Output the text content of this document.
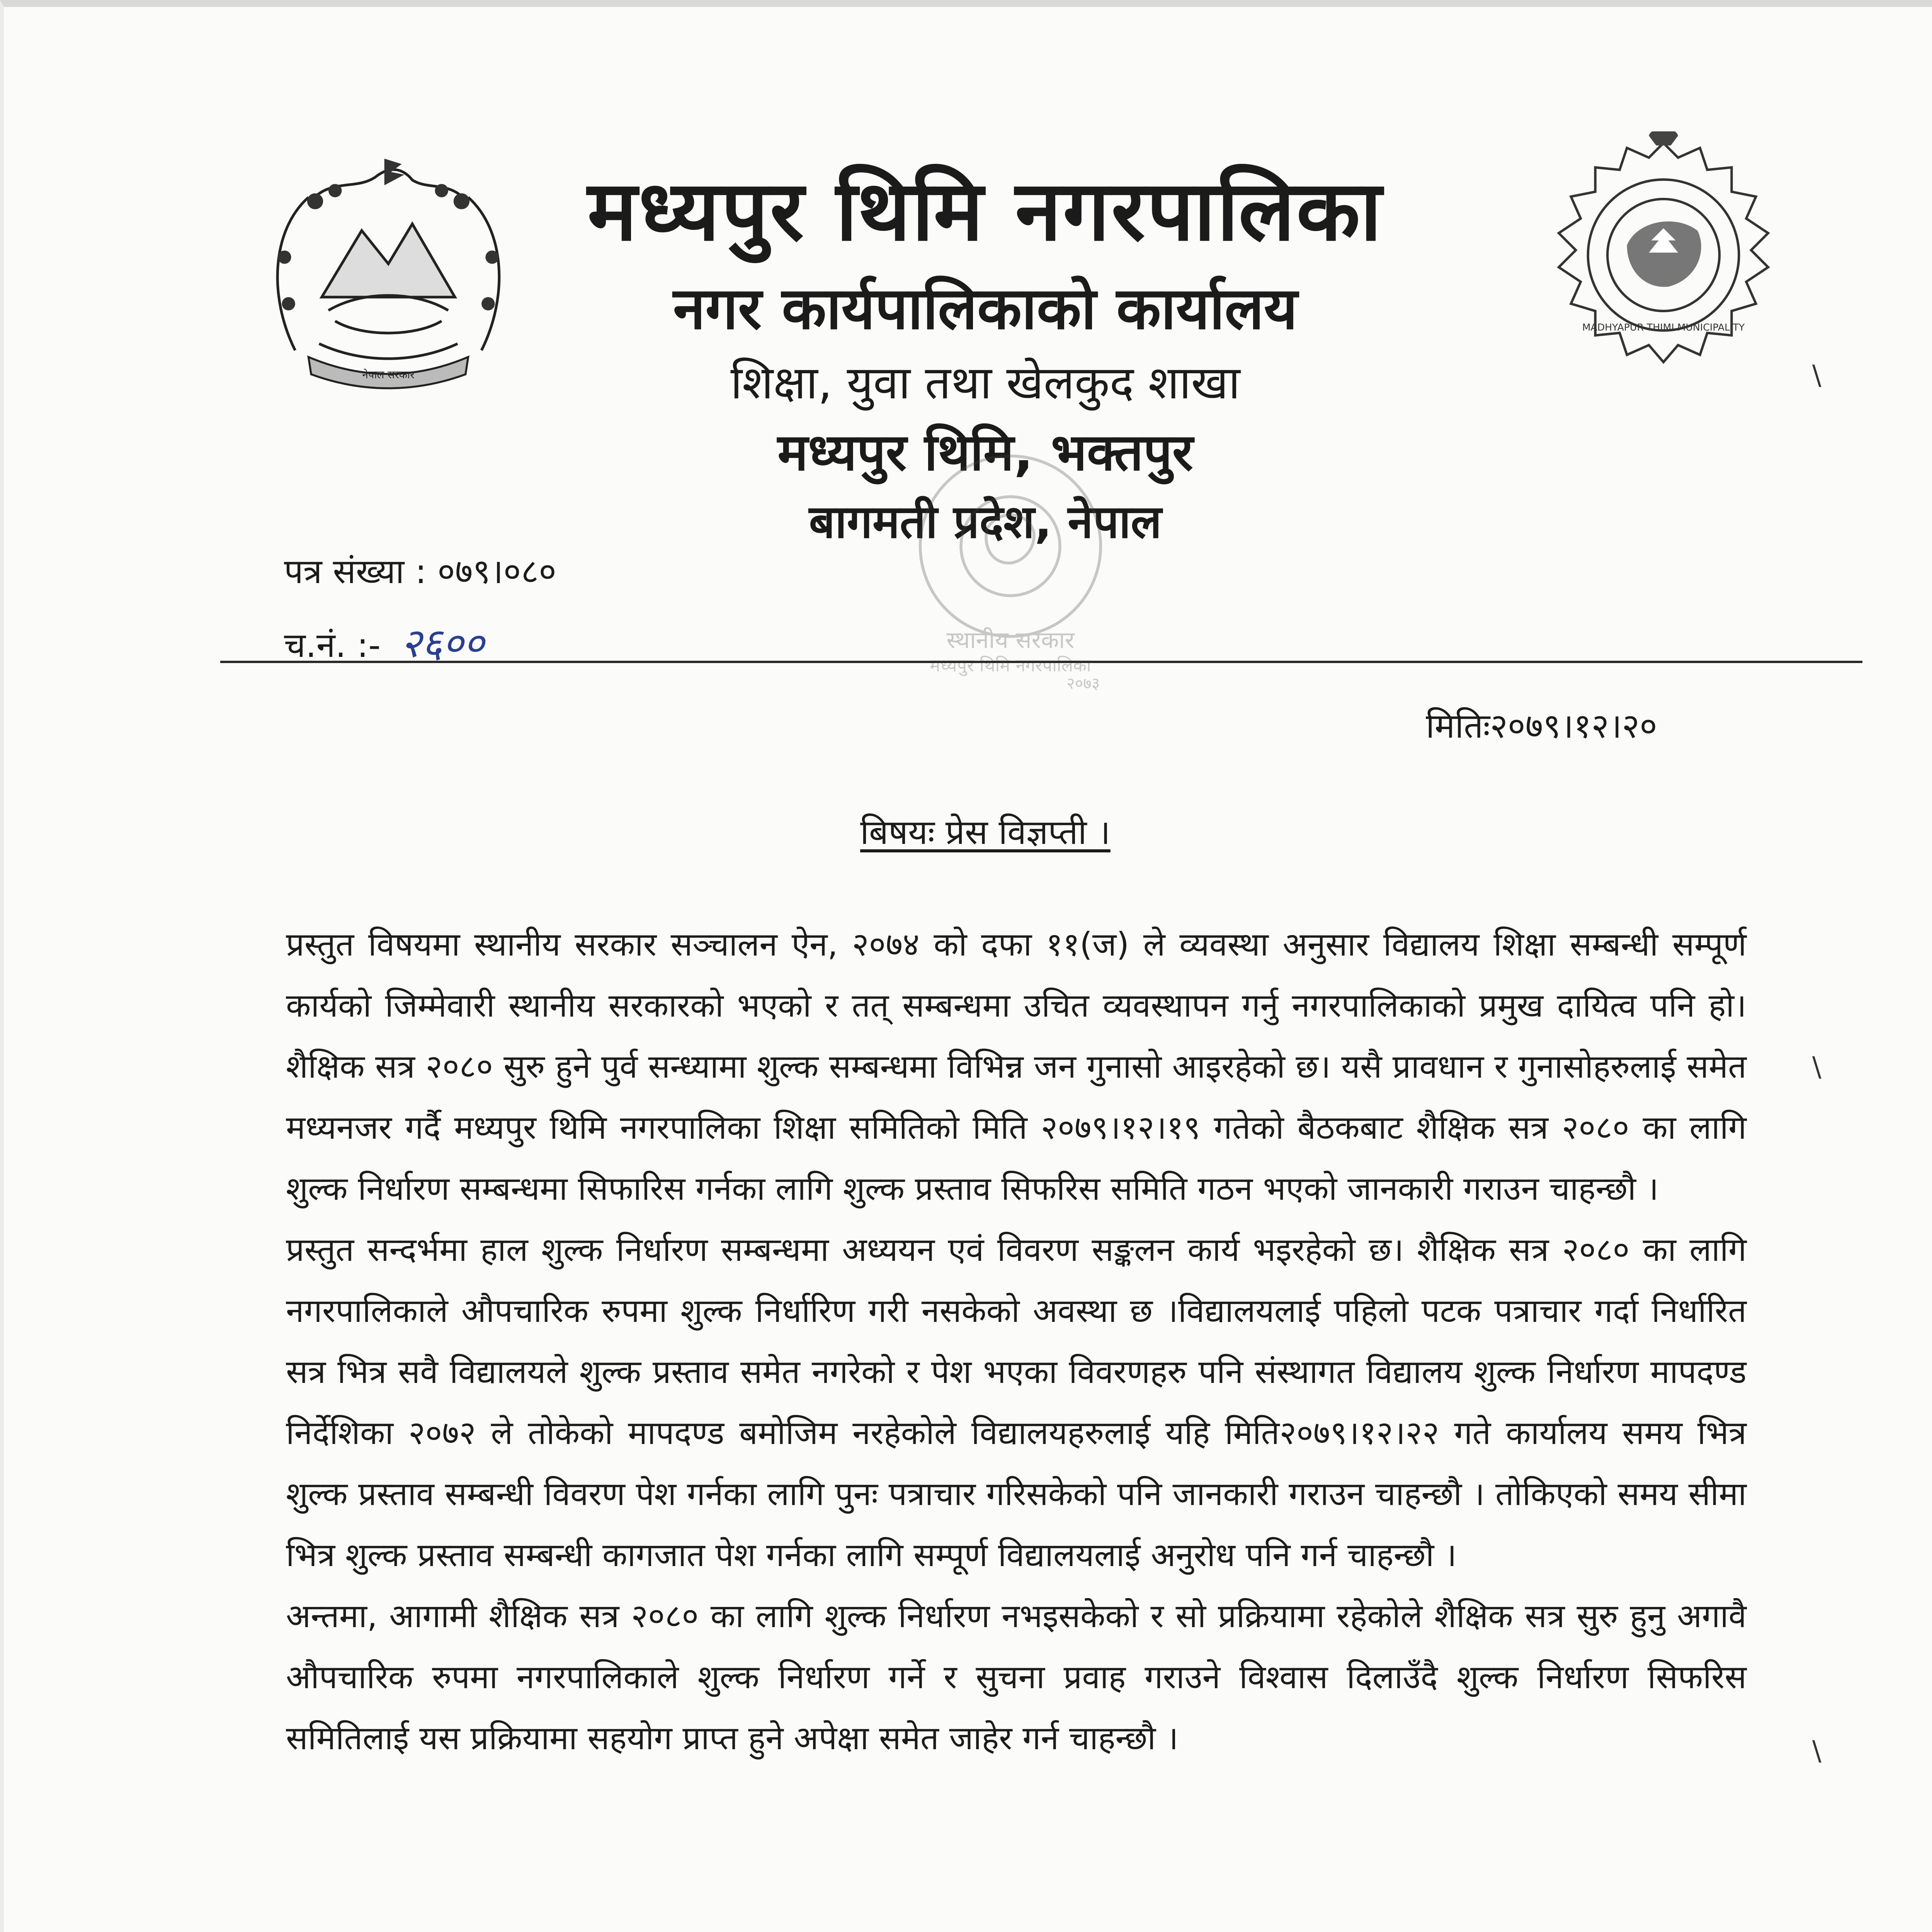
नेपाल सरकार
MADHYAPUR THIMI MUNICIPALITY
मध्यपुर थिमि नगरपालिका
नगर कार्यपालिकाको कार्यालय
शिक्षा, युवा तथा खेलकुद शाखा
मध्यपुर थिमि, भक्तपुर
बागमती प्रदेश, नेपाल
स्थानीय सरकार
मध्यपुर थिमि नगरपालिका
२०७३
पत्र संख्या : ०७९।०८०
च.नं. :- २६००
मितिः२०७९।१२।२०
बिषयः प्रेस विज्ञप्ती ।

प्रस्तुत विषयमा स्थानीय सरकार सञ्चालन ऐन, २०७४ को दफा ११(ज) ले व्यवस्था अनुसार विद्यालय शिक्षा सम्बन्धी सम्पूर्ण कार्यको जिम्मेवारी स्थानीय सरकारको भएको र तत् सम्बन्धमा उचित व्यवस्थापन गर्नु नगरपालिकाको प्रमुख दायित्व पनि हो। शैक्षिक सत्र २०८० सुरु हुने पुर्व सन्ध्यामा शुल्क सम्बन्धमा विभिन्न जन गुनासो आइरहेको छ। यसै प्रावधान र गुनासोहरुलाई समेत मध्यनजर गर्दै मध्यपुर थिमि नगरपालिका शिक्षा समितिको मिति २०७९।१२।१९ गतेको बैठकबाट शैक्षिक सत्र २०८० का लागि शुल्क निर्धारण सम्बन्धमा सिफारिस गर्नका लागि शुल्क प्रस्ताव सिफरिस समिति गठन भएको जानकारी गराउन चाहन्छौ ।

प्रस्तुत सन्दर्भमा हाल शुल्क निर्धारण सम्बन्धमा अध्ययन एवं विवरण सङ्कलन कार्य भइरहेको छ। शैक्षिक सत्र २०८० का लागि नगरपालिकाले औपचारिक रुपमा शुल्क निर्धारिण गरी नसकेको अवस्था छ ।विद्यालयलाई पहिलो पटक पत्राचार गर्दा निर्धारित सत्र भित्र सवै विद्यालयले शुल्क प्रस्ताव समेत नगरेको र पेश भएका विवरणहरु पनि संस्थागत विद्यालय शुल्क निर्धारण मापदण्ड निर्देशिका २०७२ ले तोकेको मापदण्ड बमोजिम नरहेकोले विद्यालयहरुलाई यहि मिति२०७९।१२।२२ गते कार्यालय समय भित्र शुल्क प्रस्ताव सम्बन्धी विवरण पेश गर्नका लागि पुनः पत्राचार गरिसकेको पनि जानकारी गराउन चाहन्छौ । तोकिएको समय सीमा भित्र शुल्क प्रस्ताव सम्बन्धी कागजात पेश गर्नका लागि सम्पूर्ण विद्यालयलाई अनुरोध पनि गर्न चाहन्छौ ।

अन्तमा, आगामी शैक्षिक सत्र २०८० का लागि शुल्क निर्धारण नभइसकेको र सो प्रक्रियामा रहेकोले शैक्षिक सत्र सुरु हुनु अगावै औपचारिक रुपमा नगरपालिकाले शुल्क निर्धारण गर्ने र सुचना प्रवाह गराउने विश्वास दिलाउँदै शुल्क निर्धारण सिफरिस समितिलाई यस प्रक्रियामा सहयोग प्राप्त हुने अपेक्षा समेत जाहेर गर्न चाहन्छौ ।

\
\
\
